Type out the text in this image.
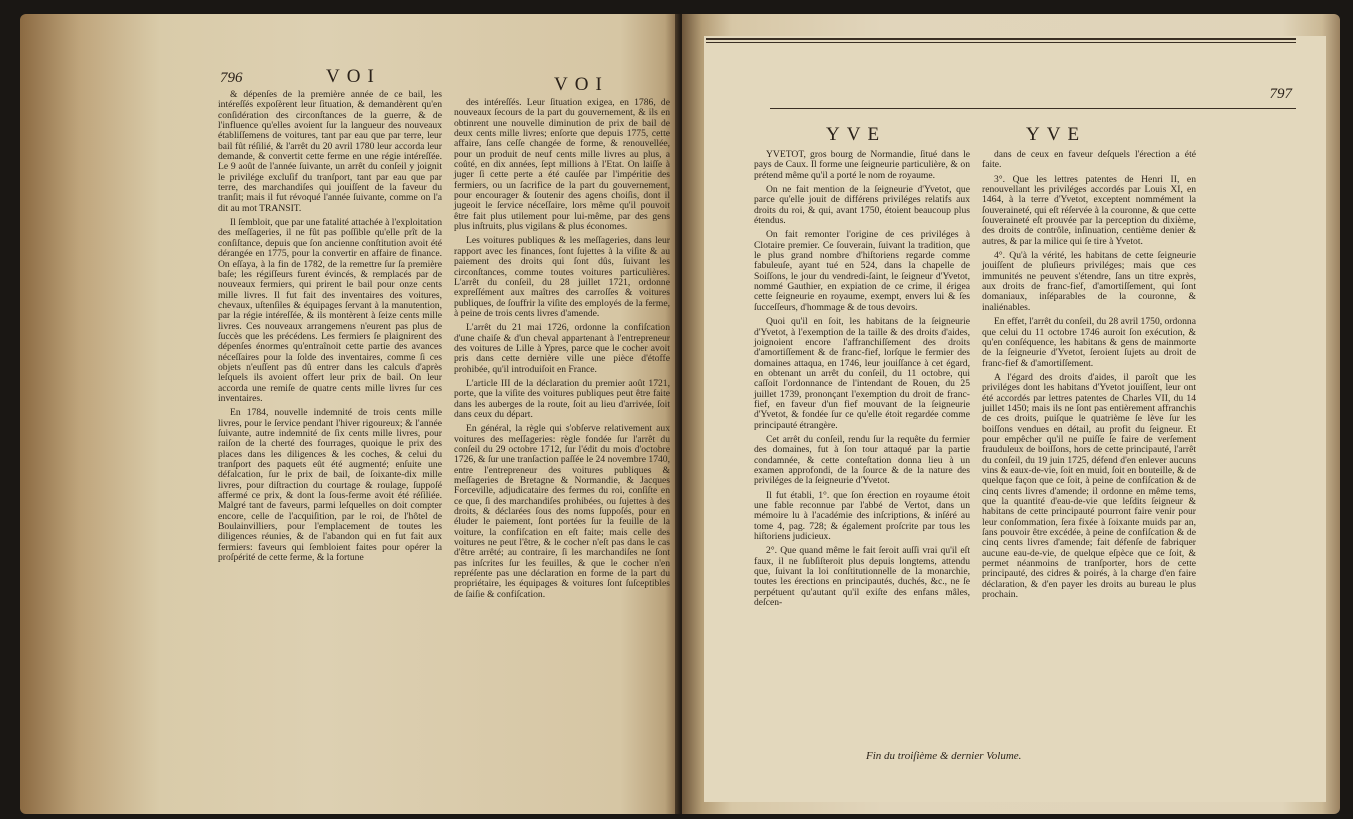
796	VOI	VOI

& dépenſes de la première année de ce bail, les intéreſſés expoſèrent leur ſituation, & demandèrent qu'en conſidération des circonſtances de la guerre, & de l'influence qu'elles avoient ſur la langueur des nouveaux établiſſemens de voitures, tant par eau que par terre, leur bail fût réſilié, & l'arrêt du 20 avril 1780 leur accorda leur demande, & convertit cette ferme en une régie intéreſſée. Le 9 août de l'année ſuivante, un arrêt du conſeil y joignit le privilége excluſif du tranſport, tant par eau que par terre, des marchandiſes qui jouiſſent de la faveur du tranſit; mais il fut révoqué l'année ſuivante, comme on l'a dit au mot TRANSIT.

Il ſembloit, que par une fatalité attachée à l'exploitation des meſſageries, il ne fût pas poſſible qu'elle prît de la conſiſtance, depuis que ſon ancienne conſtitution avoit été dérangée en 1775, pour la convertir en affaire de finance. On eſſaya, à la fin de 1782, de la remettre ſur ſa première baſe; les régiſſeurs furent évincés, & remplacés par de nouveaux fermiers, qui prirent le bail pour onze cents mille livres. Il fut fait des inventaires des voitures, chevaux, uſtenſiles & équipages ſervant à la manutention, par la régie intéreſſée, & ils montèrent à ſeize cents mille livres. Ces nouveaux arrangemens n'eurent pas plus de ſuccès que les précédens. Les fermiers ſe plaignirent des dépenſes énormes qu'entraînoit cette partie des avances néceſſaires pour la ſolde des inventaires, comme ſi ces objets n'euſſent pas dû entrer dans les calculs d'après leſquels ils avoient offert leur prix de bail. On leur accorda une remiſe de quatre cents mille livres ſur ces inventaires.

En 1784, nouvelle indemnité de trois cents mille livres, pour le ſervice pendant l'hiver rigoureux; & l'année ſuivante, autre indemnité de ſix cents mille livres, pour raiſon de la cherté des fourrages, quoique le prix des places dans les diligences & les coches, & celui du tranſport des paquets eût été augmenté; enſuite une défalcation, ſur le prix de bail, de ſoixante-dix mille livres, pour diſtraction du courtage & roulage, ſuppoſé affermé ce prix, & dont la ſous-ferme avoit été réſiliée. Malgré tant de faveurs, parmi leſquelles on doit compter encore, celle de l'acquiſition, par le roi, de l'hôtel de Boulainvilliers, pour l'emplacement de toutes les diligences réunies, & de l'abandon qui en fut fait aux fermiers: faveurs qui ſembloient faites pour opérer la proſpérité de cette ferme, & la fortune

des intéreſſés. Leur ſituation exigea, en 1786, de nouveaux ſecours de la part du gouvernement, & ils en obtinrent une nouvelle diminution de prix de bail de deux cents mille livres; enſorte que depuis 1775, cette affaire, ſans ceſſe changée de forme, & renouvellée, pour un produit de neuf cents mille livres au plus, a coûté, en dix années, ſept millions à l'Etat. On laiſſe à juger ſi cette perte a été cauſée par l'impéritie des fermiers, ou un ſacrifice de la part du gouvernement, pour encourager & ſoutenir des agens choiſis, dont il jugeoit le ſervice néceſſaire, lors même qu'il pouvoit être fait plus utilement pour lui-même, par des gens plus inſtruits, plus vigilans & plus économes.

Les voitures publiques & les meſſageries, dans leur rapport avec les finances, ſont ſujettes à la viſite & au paiement des droits qui ſont dûs, ſuivant les circonſtances, comme toutes voitures particulières. L'arrêt du conſeil, du 28 juillet 1721, ordonne expreſſément aux maîtres des carroſſes & voitures publiques, de ſouffrir la viſite des employés de la ferme, à peine de trois cents livres d'amende.

L'arrêt du 21 mai 1726, ordonne la confiſcation d'une chaiſe & d'un cheval appartenant à l'entrepreneur des voitures de Lille à Ypres, parce que le cocher avoit pris dans cette dernière ville une pièce d'étoffe prohibée, qu'il introduiſoit en France.

L'article III de la déclaration du premier août 1721, porte, que la viſite des voitures publiques peut être faite dans les auberges de la route, ſoit au lieu d'arrivée, ſoit dans ceux du départ.

En général, la règle qui s'obſerve relativement aux voitures des meſſageries: règle fondée ſur l'arrêt du conſeil du 29 octobre 1712, ſur l'édit du mois d'octobre 1726, & ſur une tranſaction paſſée le 24 novembre 1740, entre l'entrepreneur des voitures publiques & meſſageries de Bretagne & Normandie, & Jacques Forceville, adjudicataire des fermes du roi, conſiſte en ce que, ſi des marchandiſes prohibées, ou ſujettes à des droits, & déclarées ſous des noms ſuppoſés, pour en éluder le paiement, ſont portées ſur la feuille de la voiture, la confiſcation en eſt faite; mais celle des voitures ne peut l'être, & le cocher n'eſt pas dans le cas d'être arrêté; au contraire, ſi les marchandiſes ne ſont pas inſcrites ſur les feuilles, & que le cocher n'en repréſente pas une déclaration en forme de la part du propriétaire, les équipages & voitures ſont ſuſceptibles de ſaiſie & confiſcation.

797
YVE	YVE

YVETOT, gros bourg de Normandie, ſitué dans le pays de Caux. Il forme une ſeigneurie particulière, & on prétend même qu'il a porté le nom de royaume.

On ne fait mention de la ſeigneurie d'Yvetot, que parce qu'elle jouit de différens priviléges relatifs aux droits du roi, & qui, avant 1750, étoient beaucoup plus étendus.

On fait remonter l'origine de ces priviléges à Clotaire premier. Ce ſouverain, ſuivant la tradition, que le plus grand nombre d'hiſtoriens regarde comme fabuleuſe, ayant tué en 524, dans la chapelle de Soiſſons, le jour du vendredi-ſaint, le ſeigneur d'Yvetot, nommé Gauthier, en expiation de ce crime, il érigea cette ſeigneurie en royaume, exempt, envers lui & ſes ſucceſſeurs, d'hommage & de tous devoirs.

Quoi qu'il en ſoit, les habitans de la ſeigneurie d'Yvetot, à l'exemption de la taille & des droits d'aides, joignoient encore l'affranchiſſement des droits d'amortiſſement & de franc-fief, lorſque le fermier des domaines attaqua, en 1746, leur jouiſſance à cet égard, en obtenant un arrêt du conſeil, du 11 octobre, qui caſſoit l'ordonnance de l'intendant de Rouen, du 25 juillet 1739, prononçant l'exemption du droit de franc-fief, en faveur d'un fief mouvant de la ſeigneurie d'Yvetot, & fondée ſur ce qu'elle étoit regardée comme principauté étrangère.

Cet arrêt du conſeil, rendu ſur la requête du fermier des domaines, fut à ſon tour attaqué par la partie condamnée, & cette conteſtation donna lieu à un examen approfondi, de la ſource & de la nature des priviléges de la ſeigneurie d'Yvetot.

Il fut établi, 1°. que ſon érection en royaume étoit une fable reconnue par l'abbé de Vertot, dans un mémoire lu à l'académie des inſcriptions, & inſéré au tome 4, pag. 728; & également proſcrite par tous les hiſtoriens judicieux.

2°. Que quand même le fait ſeroit auſſi vrai qu'il eſt faux, il ne ſubſiſteroit plus depuis longtems, attendu que, ſuivant la loi conſtitutionnelle de la monarchie, toutes les érections en principautés, duchés, &c., ne ſe perpétuent qu'autant qu'il exiſte des enfans mâles, deſcen-

dans de ceux en faveur deſquels l'érection a été faite.

3°. Que les lettres patentes de Henri II, en renouvellant les priviléges accordés par Louis XI, en 1464, à la terre d'Yvetot, exceptent nommément la ſouveraineté, qui eſt réſervée à la couronne, & que cette ſouveraineté eſt prouvée par la perception du dixième, des droits de contrôle, inſinuation, centième denier & autres, & par la milice qui ſe tire à Yvetot.

4°. Qu'à la vérité, les habitans de cette ſeigneurie jouiſſent de pluſieurs priviléges; mais que ces immunités ne peuvent s'étendre, ſans un titre exprès, aux droits de franc-fief, d'amortiſſement, qui ſont domaniaux, inſéparables de la couronne, & inaliénables.

En effet, l'arrêt du conſeil, du 28 avril 1750, ordonna que celui du 11 octobre 1746 auroit ſon exécution, & qu'en conſéquence, les habitans & gens de mainmorte de la ſeigneurie d'Yvetot, ſeroient ſujets au droit de franc-fief & d'amortiſſement.

A l'égard des droits d'aides, il paroît que les priviléges dont les habitans d'Yvetot jouiſſent, leur ont été accordés par lettres patentes de Charles VII, du 14 juillet 1450; mais ils ne ſont pas entièrement affranchis de ces droits, puiſque le quatrième ſe lève ſur les boiſſons vendues en détail, au profit du ſeigneur. Et pour empêcher qu'il ne puiſſe ſe faire de verſement frauduleux de boiſſons, hors de cette principauté, l'arrêt du conſeil, du 19 juin 1725, défend d'en enlever aucuns vins & eaux-de-vie, ſoit en muid, ſoit en bouteille, & de quelque façon que ce ſoit, à peine de confiſcation & de cinq cents livres d'amende; il ordonne en même tems, que la quantité d'eau-de-vie que leſdits ſeigneur & habitans de cette principauté pourront faire venir pour leur conſommation, ſera fixée à ſoixante muids par an, ſans pouvoir être excédée, à peine de confiſcation & de cinq cents livres d'amende; fait défenſe de fabriquer aucune eau-de-vie, de quelque eſpèce que ce ſoit, & permet néanmoins de tranſporter, hors de cette principauté, des cidres & poirés, à la charge d'en faire déclaration, & d'en payer les droits au bureau le plus prochain.

Fin du troiſième & dernier Volume.
